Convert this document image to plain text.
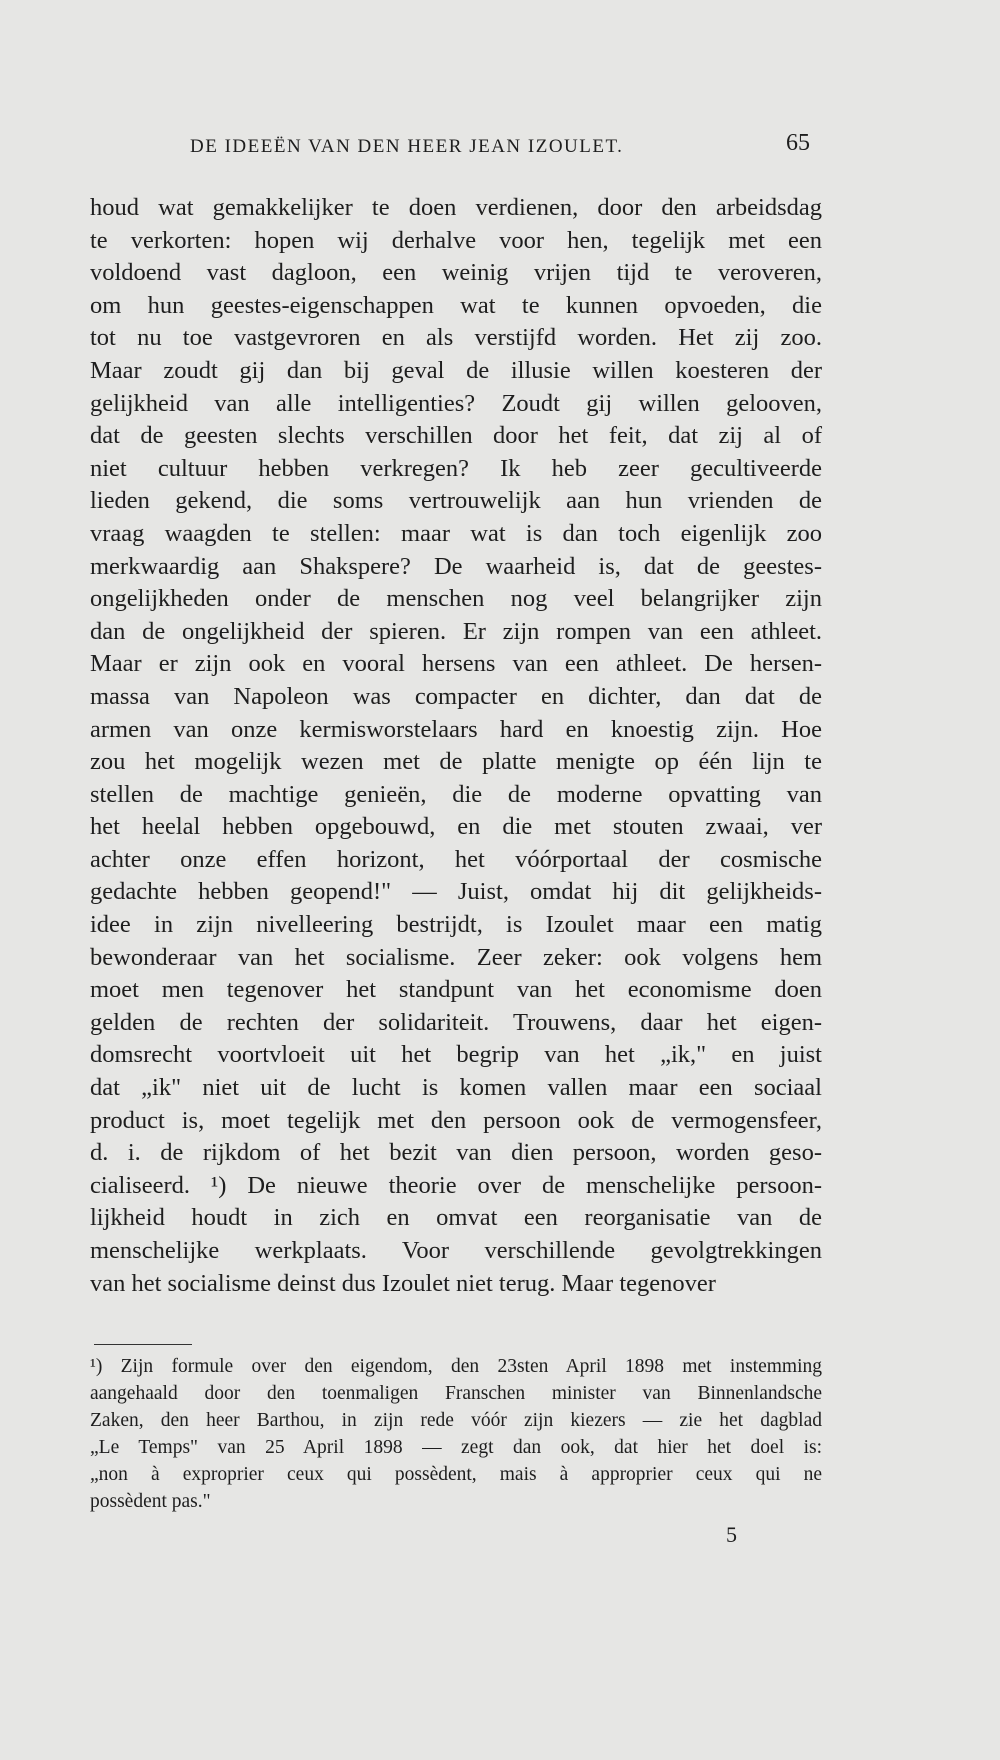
DE IDEEËN VAN DEN HEER JEAN IZOULET.	65
houd wat gemakkelijker te doen verdienen, door den arbeidsdag
te verkorten: hopen wij derhalve voor hen, tegelijk met een
voldoend vast dagloon, een weinig vrijen tijd te veroveren,
om hun geestes-eigenschappen wat te kunnen opvoeden, die
tot nu toe vastgevroren en als verstijfd worden. Het zij zoo.
Maar zoudt gij dan bij geval de illusie willen koesteren der
gelijkheid van alle intelligenties? Zoudt gij willen gelooven,
dat de geesten slechts verschillen door het feit, dat zij al of
niet cultuur hebben verkregen? Ik heb zeer gecultiveerde
lieden gekend, die soms vertrouwelijk aan hun vrienden de
vraag waagden te stellen: maar wat is dan toch eigenlijk zoo
merkwaardig aan Shakspere? De waarheid is, dat de geestes-
ongelijkheden onder de menschen nog veel belangrijker zijn
dan de ongelijkheid der spieren. Er zijn rompen van een athleet.
Maar er zijn ook en vooral hersens van een athleet. De hersen-
massa van Napoleon was compacter en dichter, dan dat de
armen van onze kermisworstelaars hard en knoestig zijn. Hoe
zou het mogelijk wezen met de platte menigte op één lijn te
stellen de machtige genieën, die de moderne opvatting van
het heelal hebben opgebouwd, en die met stouten zwaai, ver
achter onze effen horizont, het vóórportaal der cosmische
gedachte hebben geopend!" — Juist, omdat hij dit gelijkheids-
idee in zijn nivelleering bestrijdt, is Izoulet maar een matig
bewonderaar van het socialisme. Zeer zeker: ook volgens hem
moet men tegenover het standpunt van het economisme doen
gelden de rechten der solidariteit. Trouwens, daar het eigen-
domsrecht voortvloeit uit het begrip van het „ik," en juist
dat „ik" niet uit de lucht is komen vallen maar een sociaal
product is, moet tegelijk met den persoon ook de vermogensfeer,
d. i. de rijkdom of het bezit van dien persoon, worden geso-
cialiseerd. ¹) De nieuwe theorie over de menschelijke persoon-
lijkheid houdt in zich en omvat een reorganisatie van de
menschelijke werkplaats. Voor verschillende gevolgtrekkingen
van het socialisme deinst dus Izoulet niet terug. Maar tegenover
¹) Zijn formule over den eigendom, den 23sten April 1898 met instemming
aangehaald door den toenmaligen Franschen minister van Binnenlandsche
Zaken, den heer Barthou, in zijn rede vóór zijn kiezers — zie het dagblad
„Le Temps" van 25 April 1898 — zegt dan ook, dat hier het doel is:
„non à exproprier ceux qui possèdent, mais à approprier ceux qui ne
possèdent pas."
5
